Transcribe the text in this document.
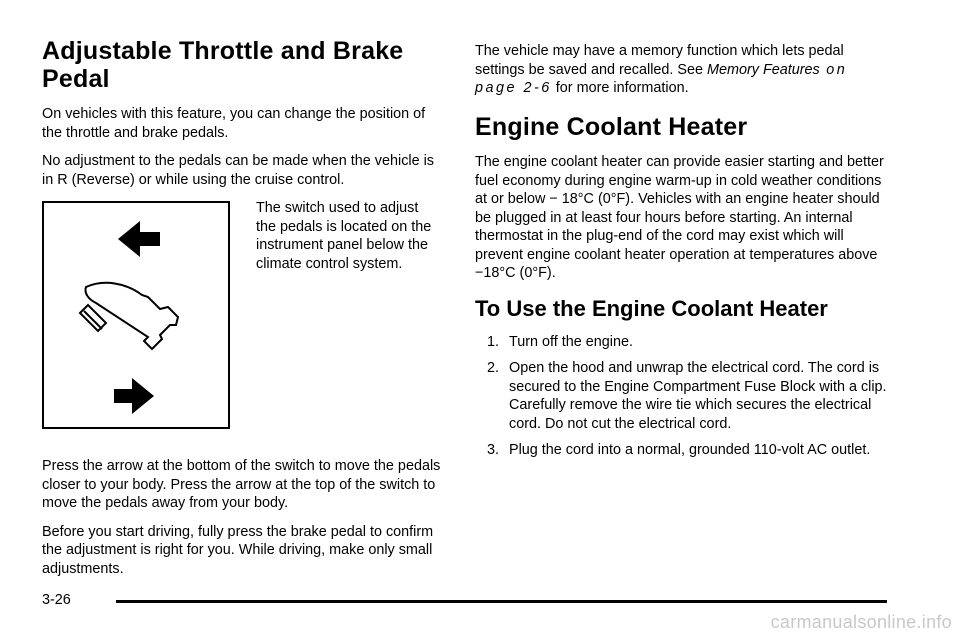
Adjustable Throttle and Brake Pedal

On vehicles with this feature, you can change the position of the throttle and brake pedals.

No adjustment to the pedals can be made when the vehicle is in R (Reverse) or while using the cruise control.

The switch used to adjust the pedals is located on the instrument panel below the climate control system.

Press the arrow at the bottom of the switch to move the pedals closer to your body. Press the arrow at the top of the switch to move the pedals away from your body.

Before you start driving, fully press the brake pedal to confirm the adjustment is right for you. While driving, make only small adjustments.

The vehicle may have a memory function which lets pedal settings be saved and recalled. See Memory Features on page 2-6 for more information.

Engine Coolant Heater

The engine coolant heater can provide easier starting and better fuel economy during engine warm-up in cold weather conditions at or below − 18°C (0°F). Vehicles with an engine heater should be plugged in at least four hours before starting. An internal thermostat in the plug-end of the cord may exist which will prevent engine coolant heater operation at temperatures above −18°C (0°F).

To Use the Engine Coolant Heater
1. Turn off the engine.
2. Open the hood and unwrap the electrical cord. The cord is secured to the Engine Compartment Fuse Block with a clip. Carefully remove the wire tie which secures the electrical cord. Do not cut the electrical cord.
3. Plug the cord into a normal, grounded 110-volt AC outlet.
3-26
carmanualsonline.info
